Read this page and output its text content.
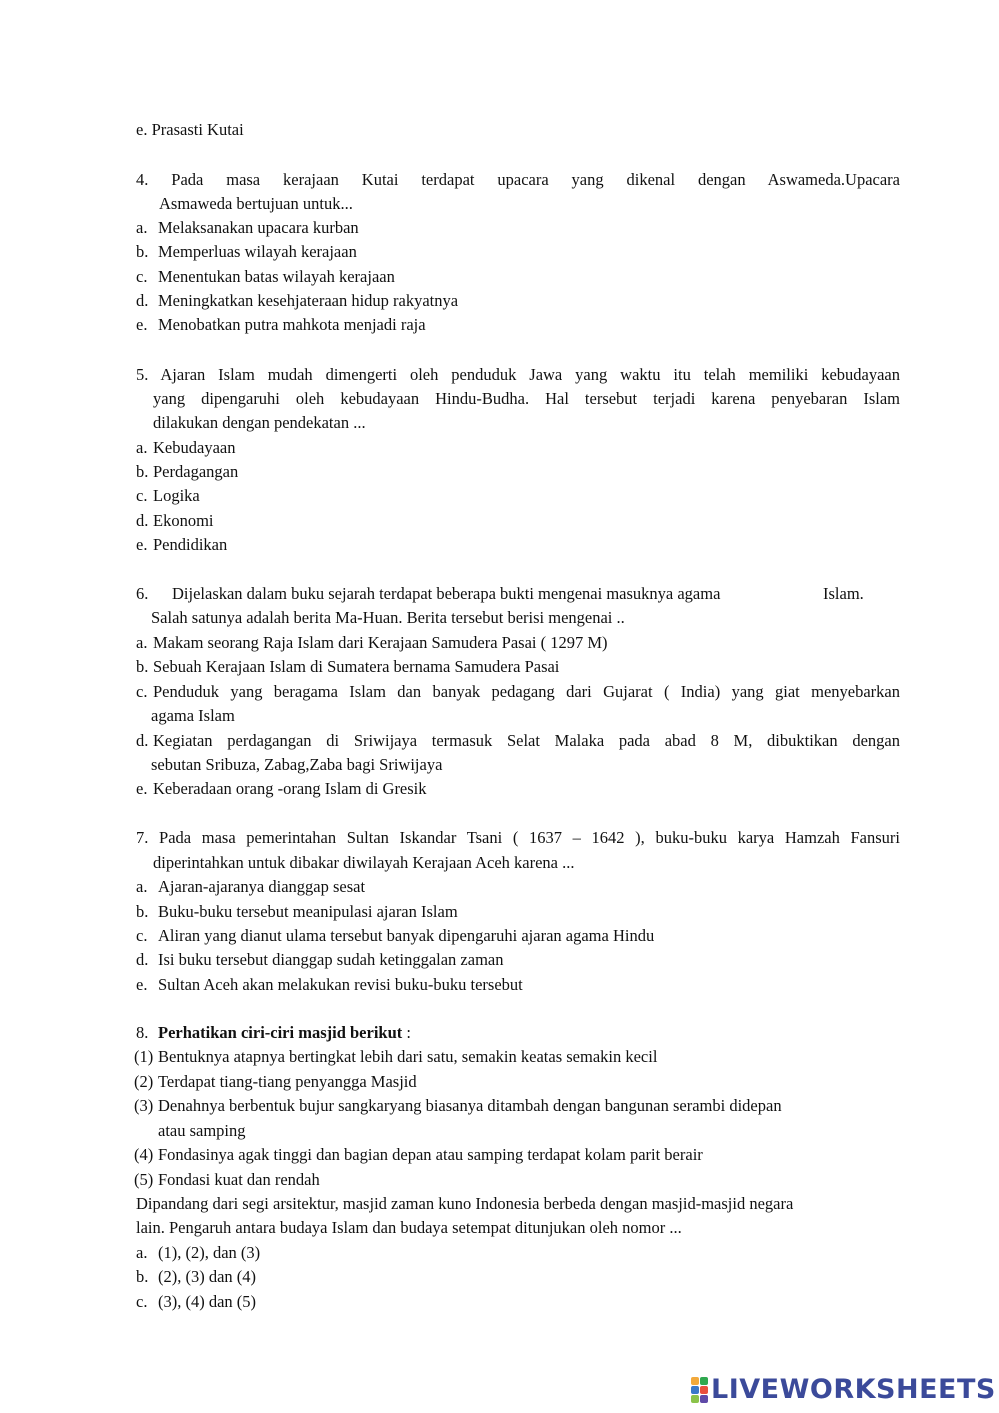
e. Prasasti Kutai
4. Pada masa kerajaan Kutai terdapat upacara yang dikenal dengan Aswameda.Upacara
Asmaweda bertujuan untuk...
a. Melaksanakan upacara kurban
b. Memperluas wilayah kerajaan
c. Menentukan batas wilayah kerajaan
d. Meningkatkan kesehjateraan hidup rakyatnya
e. Menobatkan putra mahkota menjadi raja
5. Ajaran Islam mudah dimengerti oleh penduduk Jawa yang waktu itu telah memiliki kebudayaan
yang dipengaruhi oleh kebudayaan Hindu-Budha. Hal tersebut terjadi karena penyebaran Islam
dilakukan dengan pendekatan ...
a. Kebudayaan
b. Perdagangan
c. Logika
d. Ekonomi
e. Pendidikan
6. Dijelaskan dalam buku sejarah terdapat beberapa bukti mengenai masuknya agama	Islam.
Salah satunya adalah berita Ma-Huan. Berita tersebut berisi mengenai ..
a. Makam seorang Raja Islam dari Kerajaan Samudera Pasai ( 1297 M)
b. Sebuah Kerajaan Islam di Sumatera bernama Samudera Pasai
c. Penduduk yang beragama Islam dan banyak pedagang dari Gujarat ( India) yang giat menyebarkan
agama Islam
d. Kegiatan perdagangan di Sriwijaya termasuk Selat Malaka pada abad 8 M, dibuktikan dengan
sebutan Sribuza, Zabag,Zaba bagi Sriwijaya
e. Keberadaan orang -orang Islam di Gresik
7. Pada masa pemerintahan Sultan Iskandar Tsani ( 1637 – 1642 ), buku-buku karya Hamzah Fansuri
diperintahkan untuk dibakar diwilayah Kerajaan Aceh karena ...
a. Ajaran-ajaranya dianggap sesat
b. Buku-buku tersebut meanipulasi ajaran Islam
c. Aliran yang dianut ulama tersebut banyak dipengaruhi ajaran agama Hindu
d. Isi buku tersebut dianggap sudah ketinggalan zaman
e. Sultan Aceh akan melakukan revisi buku-buku tersebut
8. Perhatikan ciri-ciri masjid berikut :
(1) Bentuknya atapnya bertingkat lebih dari satu, semakin keatas semakin kecil
(2) Terdapat tiang-tiang penyangga Masjid
(3) Denahnya berbentuk bujur sangkaryang biasanya ditambah dengan bangunan serambi didepan
atau samping
(4) Fondasinya agak tinggi dan bagian depan atau samping terdapat kolam parit berair
(5) Fondasi kuat dan rendah
Dipandang dari segi arsitektur, masjid zaman kuno Indonesia berbeda dengan masjid-masjid negara
lain. Pengaruh antara budaya Islam dan budaya setempat ditunjukan oleh nomor ...
a. (1), (2), dan (3)
b. (2), (3) dan (4)
c. (3), (4) dan (5)
LIVEWORKSHEETS
